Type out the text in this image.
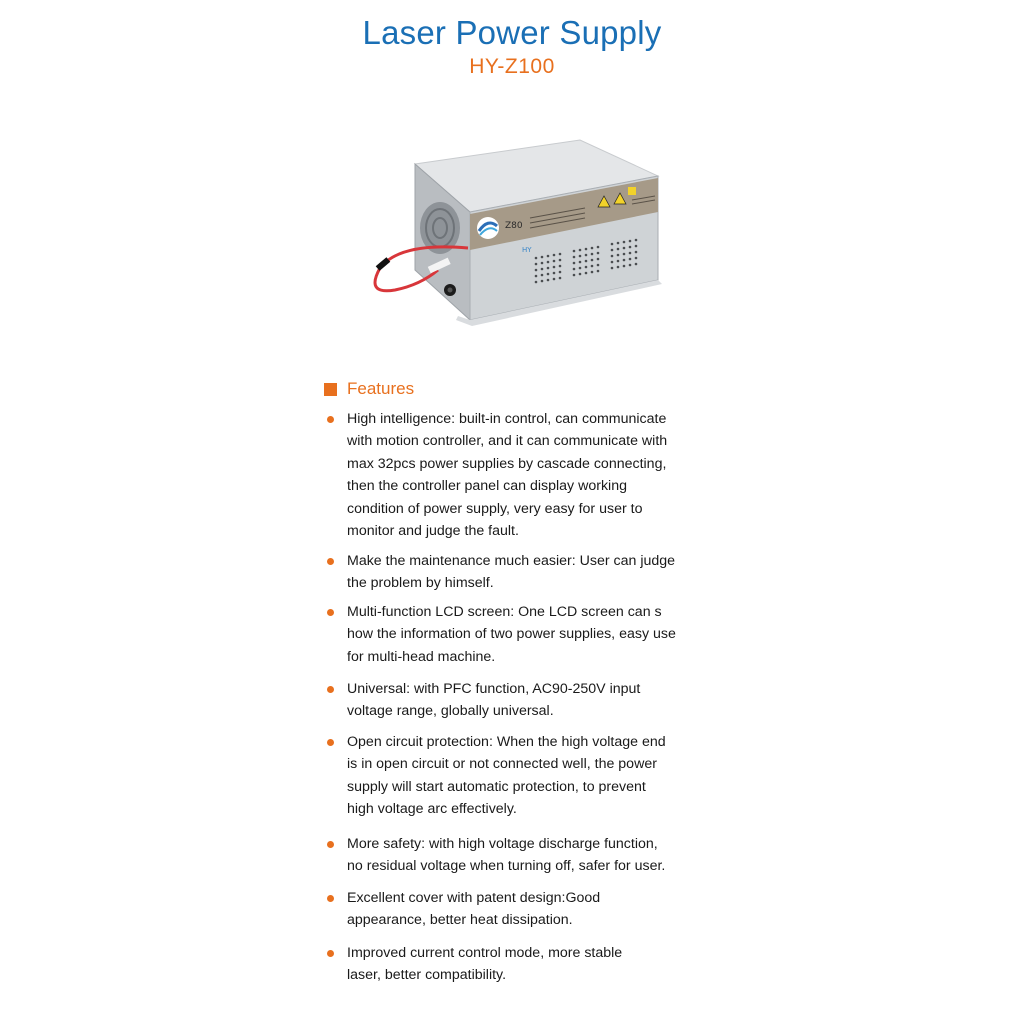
Laser Power Supply
HY-Z100
Z80
HY
Features
High intelligence: built-in control, can communicate
with motion controller, and it can communicate with
max 32pcs power supplies by cascade connecting,
then the controller panel can display working
condition of power supply, very easy for user to
monitor and judge the fault.
Make the maintenance much easier: User can judge
the problem by himself.
Multi-function LCD screen: One LCD screen can s
how the information of two power supplies, easy use
for multi-head machine.
Universal: with PFC function, AC90-250V input
voltage range, globally universal.
Open circuit protection: When the high voltage end
is in open circuit or not connected well, the power
supply will start automatic protection, to prevent
high voltage arc effectively.
More safety: with high voltage discharge function,
no residual voltage when turning off, safer for user.
Excellent cover with patent design:Good
appearance, better heat dissipation.
Improved current control mode, more stable
laser, better compatibility.
